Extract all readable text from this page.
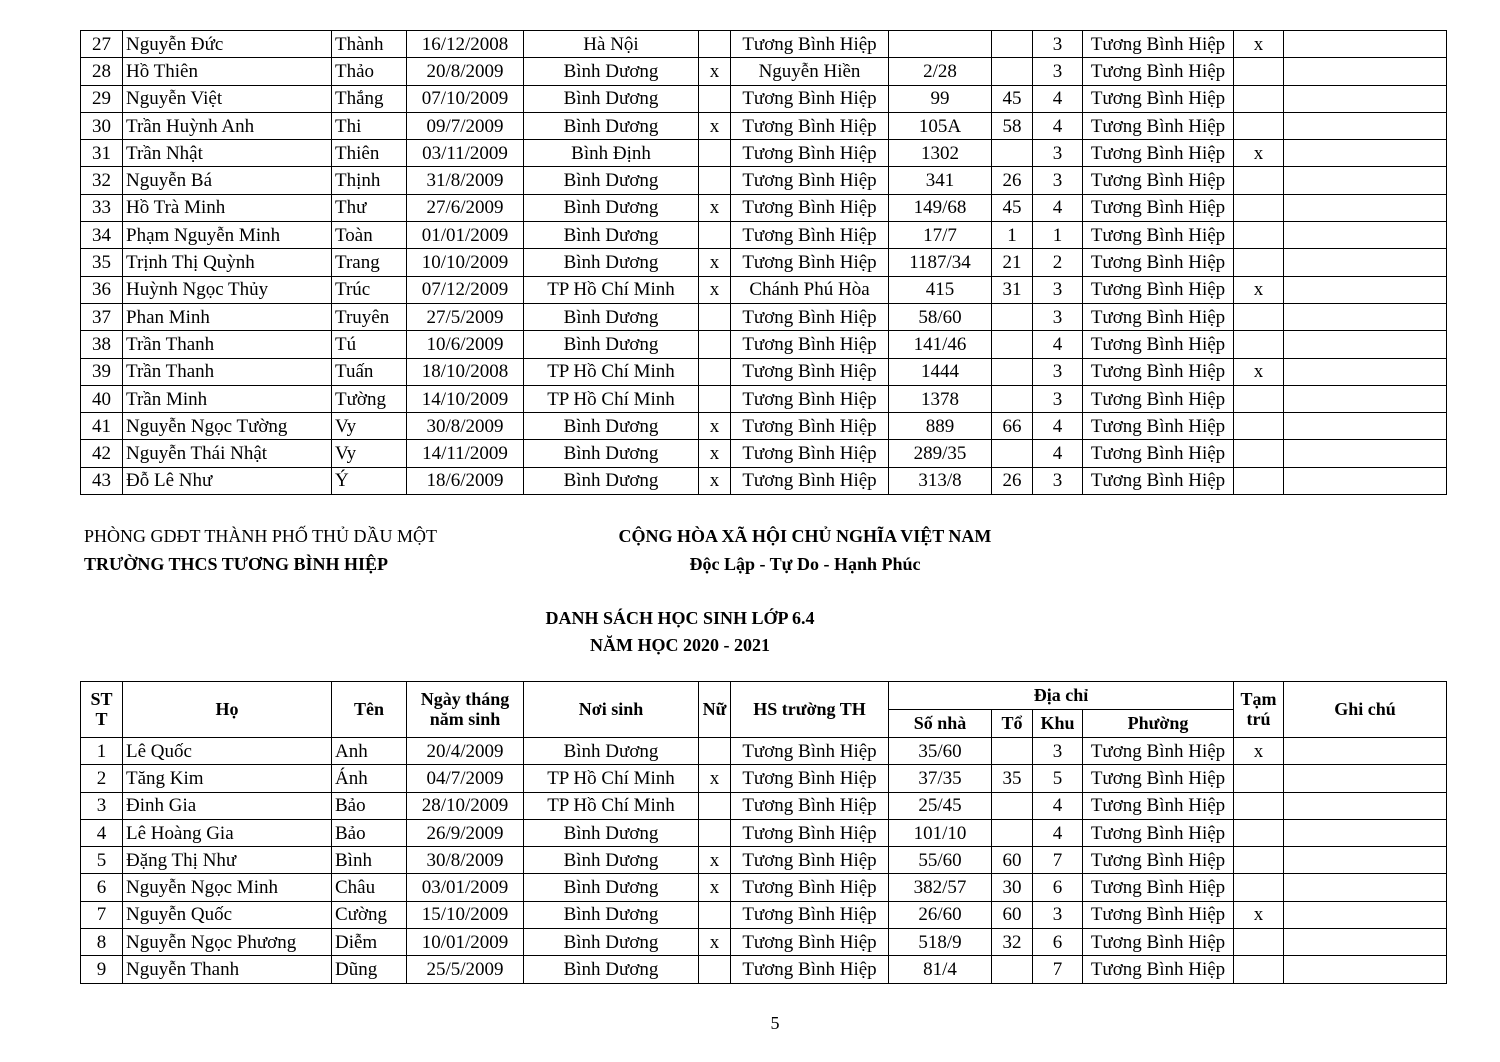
27	Nguyễn Đức	Thành	16/12/2008	Hà Nội		Tương Bình Hiệp			3	Tương Bình Hiệp	x	
28	Hồ Thiên	Thảo	20/8/2009	Bình Dương	x	Nguyễn Hiền	2/28		3	Tương Bình Hiệp		
29	Nguyễn Việt	Thắng	07/10/2009	Bình Dương		Tương Bình Hiệp	99	45	4	Tương Bình Hiệp		
30	Trần Huỳnh Anh	Thi	09/7/2009	Bình Dương	x	Tương Bình Hiệp	105A	58	4	Tương Bình Hiệp		
31	Trần Nhật	Thiên	03/11/2009	Bình Định		Tương Bình Hiệp	1302		3	Tương Bình Hiệp	x	
32	Nguyễn Bá	Thịnh	31/8/2009	Bình Dương		Tương Bình Hiệp	341	26	3	Tương Bình Hiệp		
33	Hồ Trà Minh	Thư	27/6/2009	Bình Dương	x	Tương Bình Hiệp	149/68	45	4	Tương Bình Hiệp		
34	Phạm Nguyễn Minh	Toàn	01/01/2009	Bình Dương		Tương Bình Hiệp	17/7	1	1	Tương Bình Hiệp		
35	Trịnh Thị Quỳnh	Trang	10/10/2009	Bình Dương	x	Tương Bình Hiệp	1187/34	21	2	Tương Bình Hiệp		
36	Huỳnh Ngọc Thủy	Trúc	07/12/2009	TP Hồ Chí Minh	x	Chánh Phú Hòa	415	31	3	Tương Bình Hiệp	x	
37	Phan Minh	Truyên	27/5/2009	Bình Dương		Tương Bình Hiệp	58/60		3	Tương Bình Hiệp		
38	Trần Thanh	Tú	10/6/2009	Bình Dương		Tương Bình Hiệp	141/46		4	Tương Bình Hiệp		
39	Trần Thanh	Tuấn	18/10/2008	TP Hồ Chí Minh		Tương Bình Hiệp	1444		3	Tương Bình Hiệp	x	
40	Trần Minh	Tường	14/10/2009	TP Hồ Chí Minh		Tương Bình Hiệp	1378		3	Tương Bình Hiệp		
41	Nguyễn Ngọc Tường	Vy	30/8/2009	Bình Dương	x	Tương Bình Hiệp	889	66	4	Tương Bình Hiệp		
42	Nguyễn Thái Nhật	Vy	14/11/2009	Bình Dương	x	Tương Bình Hiệp	289/35		4	Tương Bình Hiệp		
43	Đỗ Lê Như	Ý	18/6/2009	Bình Dương	x	Tương Bình Hiệp	313/8	26	3	Tương Bình Hiệp		
PHÒNG GDĐT THÀNH PHỐ THỦ DẦU MỘT
TRƯỜNG THCS TƯƠNG BÌNH HIỆP
CỘNG HÒA XÃ HỘI CHỦ NGHĨA VIỆT NAM
Độc Lập - Tự Do - Hạnh Phúc
DANH SÁCH HỌC SINH LỚP 6.4
NĂM HỌC 2020 - 2021
ST T	Họ	Tên	Ngày tháng năm sinh	Nơi sinh	Nữ	HS trường TH	Địa chỉ				Tạm trú	Ghi chú
							Số nhà	Tổ	Khu	Phường		
1	Lê Quốc	Anh	20/4/2009	Bình Dương		Tương Bình Hiệp	35/60		3	Tương Bình Hiệp	x	
2	Tăng Kim	Ánh	04/7/2009	TP Hồ Chí Minh	x	Tương Bình Hiệp	37/35	35	5	Tương Bình Hiệp		
3	Đinh Gia	Bảo	28/10/2009	TP Hồ Chí Minh		Tương Bình Hiệp	25/45		4	Tương Bình Hiệp		
4	Lê Hoàng Gia	Bảo	26/9/2009	Bình Dương		Tương Bình Hiệp	101/10		4	Tương Bình Hiệp		
5	Đặng Thị Như	Bình	30/8/2009	Bình Dương	x	Tương Bình Hiệp	55/60	60	7	Tương Bình Hiệp		
6	Nguyễn Ngọc Minh	Châu	03/01/2009	Bình Dương	x	Tương Bình Hiệp	382/57	30	6	Tương Bình Hiệp		
7	Nguyễn Quốc	Cường	15/10/2009	Bình Dương		Tương Bình Hiệp	26/60	60	3	Tương Bình Hiệp	x	
8	Nguyễn Ngọc Phương	Diễm	10/01/2009	Bình Dương	x	Tương Bình Hiệp	518/9	32	6	Tương Bình Hiệp		
9	Nguyễn Thanh	Dũng	25/5/2009	Bình Dương		Tương Bình Hiệp	81/4		7	Tương Bình Hiệp		
5
